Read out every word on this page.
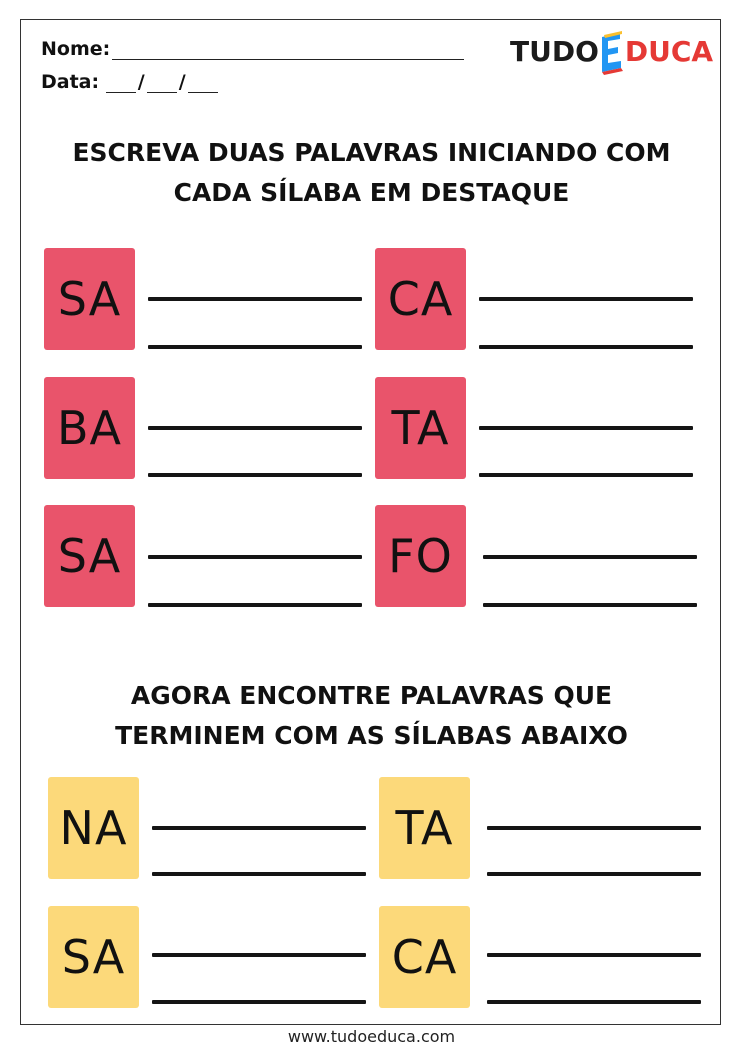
Nome:
Data: / /
TUDO DUCA
ESCREVA DUAS PALAVRAS INICIANDO COM
CADA SÍLABA EM DESTAQUE
SA	CA
BA	TA
SA	FO
AGORA ENCONTRE PALAVRAS QUE
TERMINEM COM AS SÍLABAS ABAIXO
NA	TA
SA	CA
www.tudoeduca.com
